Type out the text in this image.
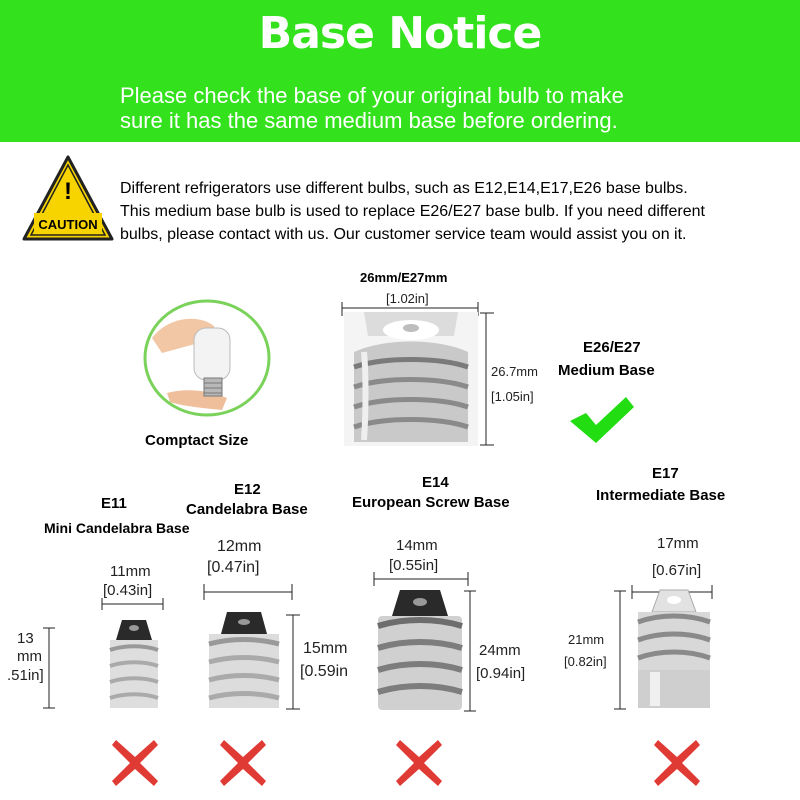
Base Notice
Please check the base of your original bulb to make
sure it has the same medium base before ordering.
!
CAUTION
Different refrigerators use different bulbs, such as E12,E14,E17,E26 base bulbs.
This medium base bulb is used to replace E26/E27 base bulb. If you need different
bulbs, please contact with us. Our customer service team would assist you on it.
Comptact Size
26mm/E27mm
[1.02in]
26.7mm
[1.05in]
E26/E27
Medium Base
E11
Mini Candelabra Base
11mm
[0.43in]
13
mm
.51in]
E12
Candelabra Base
12mm
[0.47in]
15mm
[0.59in
E14
European Screw Base
14mm
[0.55in]
24mm
[0.94in]
E17
Intermediate Base
17mm
[0.67in]
21mm
[0.82in]
